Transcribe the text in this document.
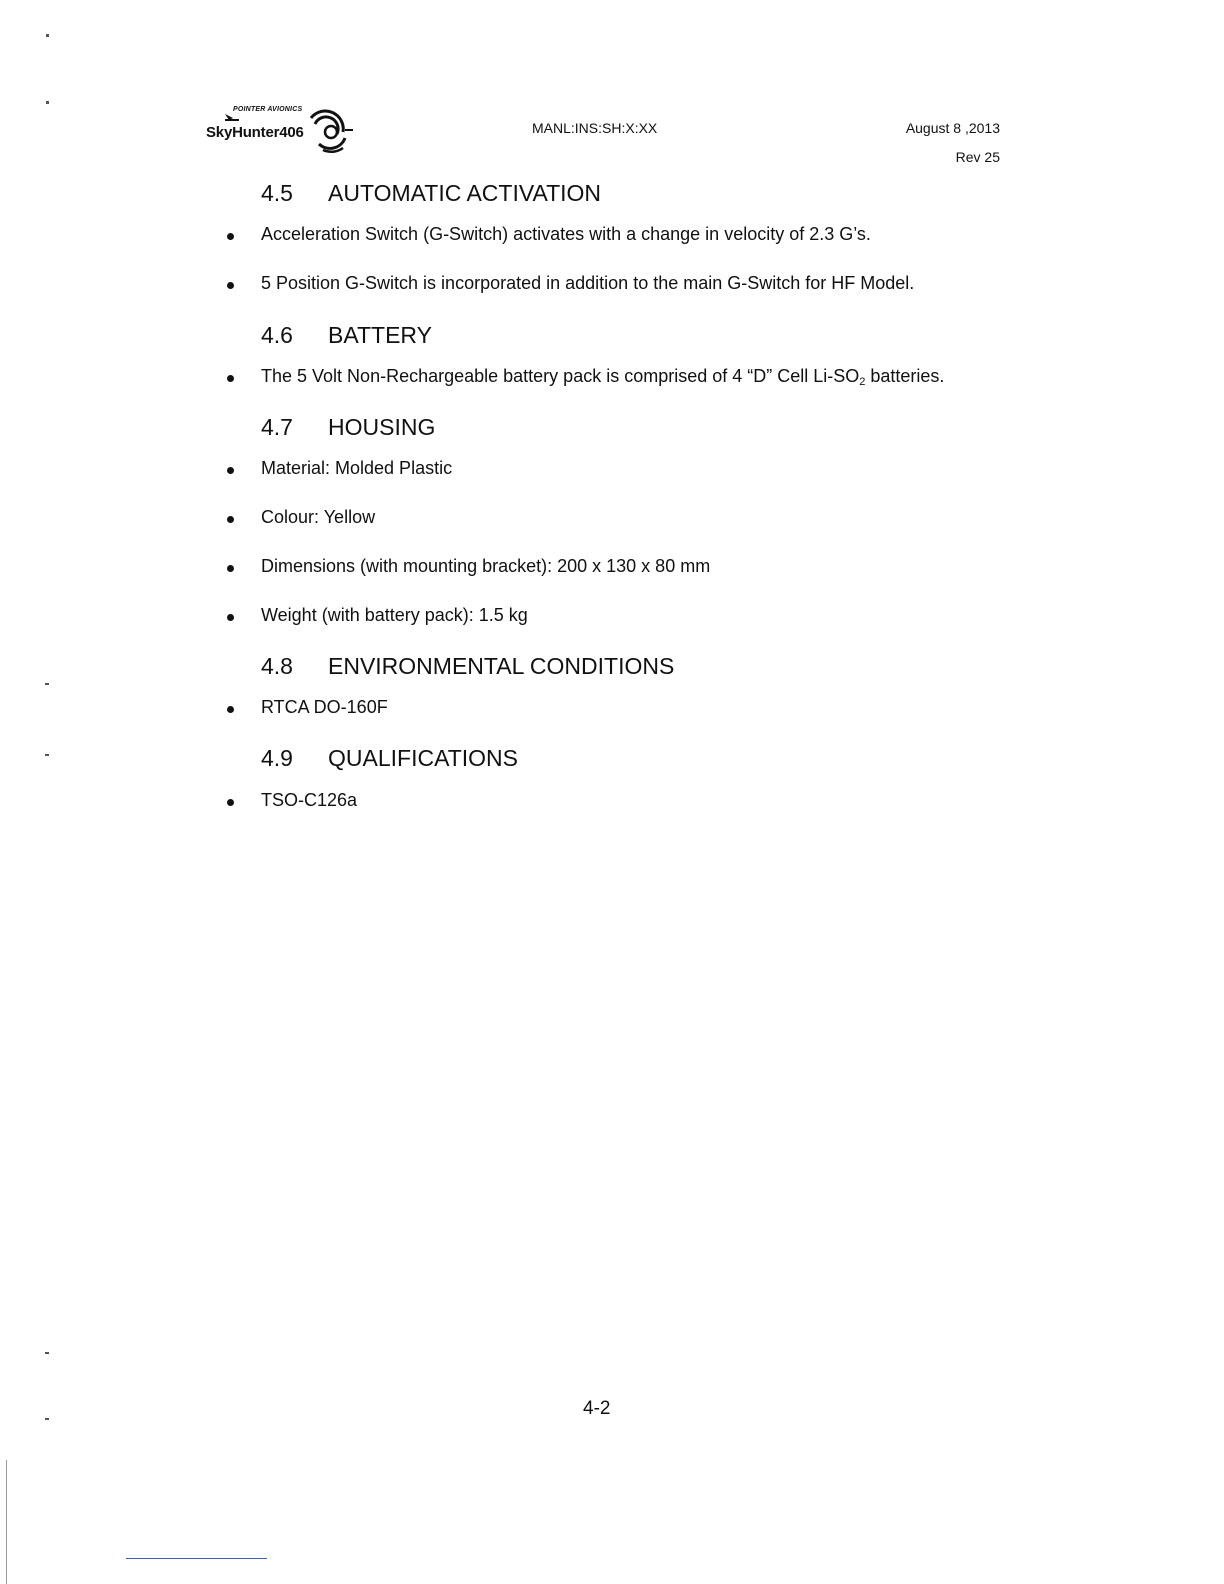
POINTER AVIONICS
SkyHunter406	MANL:INS:SH:X:XX	August 8 ,2013
Rev 25
4.5 AUTOMATIC ACTIVATION
Acceleration Switch (G-Switch) activates with a change in velocity of 2.3 G’s.
5 Position G-Switch is incorporated in addition to the main G-Switch for HF Model.
4.6 BATTERY
The 5 Volt Non-Rechargeable battery pack is comprised of 4 “D” Cell $Li-SO_2$ batteries.
4.7 HOUSING
Material: Molded Plastic
Colour: Yellow
Dimensions (with mounting bracket): 200 x 130 x 80 mm
Weight (with battery pack): 1.5 kg
4.8 ENVIRONMENTAL CONDITIONS
RTCA DO-160F
4.9 QUALIFICATIONS
TSO-C126a
4-2
